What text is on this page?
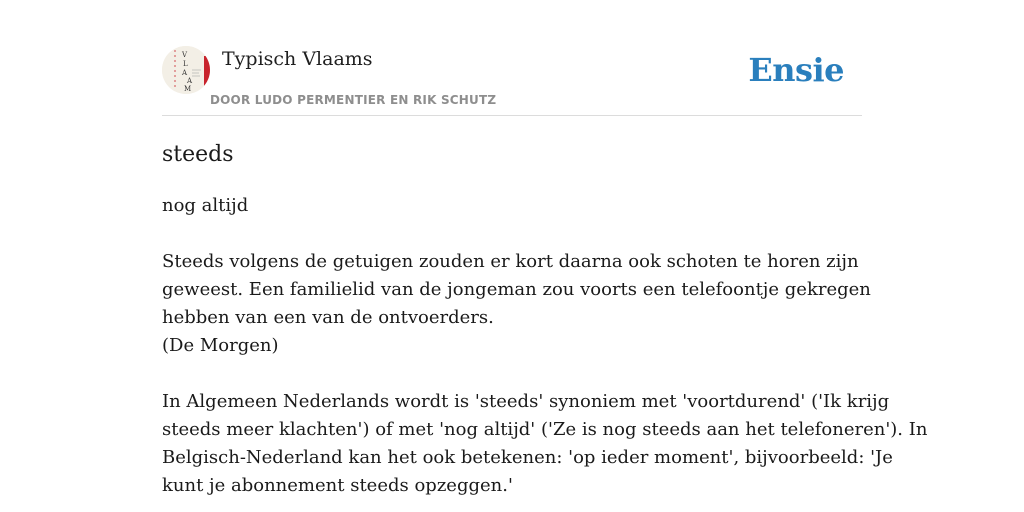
V
L
A
A
M
Typisch Vlaams
DOOR LUDO PERMENTIER EN RIK SCHUTZ
Ensie
steeds
nog altijd
Steeds volgens de getuigen zouden er kort daarna ook schoten te horen zijn
geweest. Een familielid van de jongeman zou voorts een telefoontje gekregen
hebben van een van de ontvoerders.
(De Morgen)
In Algemeen Nederlands wordt is 'steeds' synoniem met 'voortdurend' ('Ik krijg
steeds meer klachten') of met 'nog altijd' ('Ze is nog steeds aan het telefoneren'). In
Belgisch-Nederland kan het ook betekenen: 'op ieder moment', bijvoorbeeld: 'Je
kunt je abonnement steeds opzeggen.'
